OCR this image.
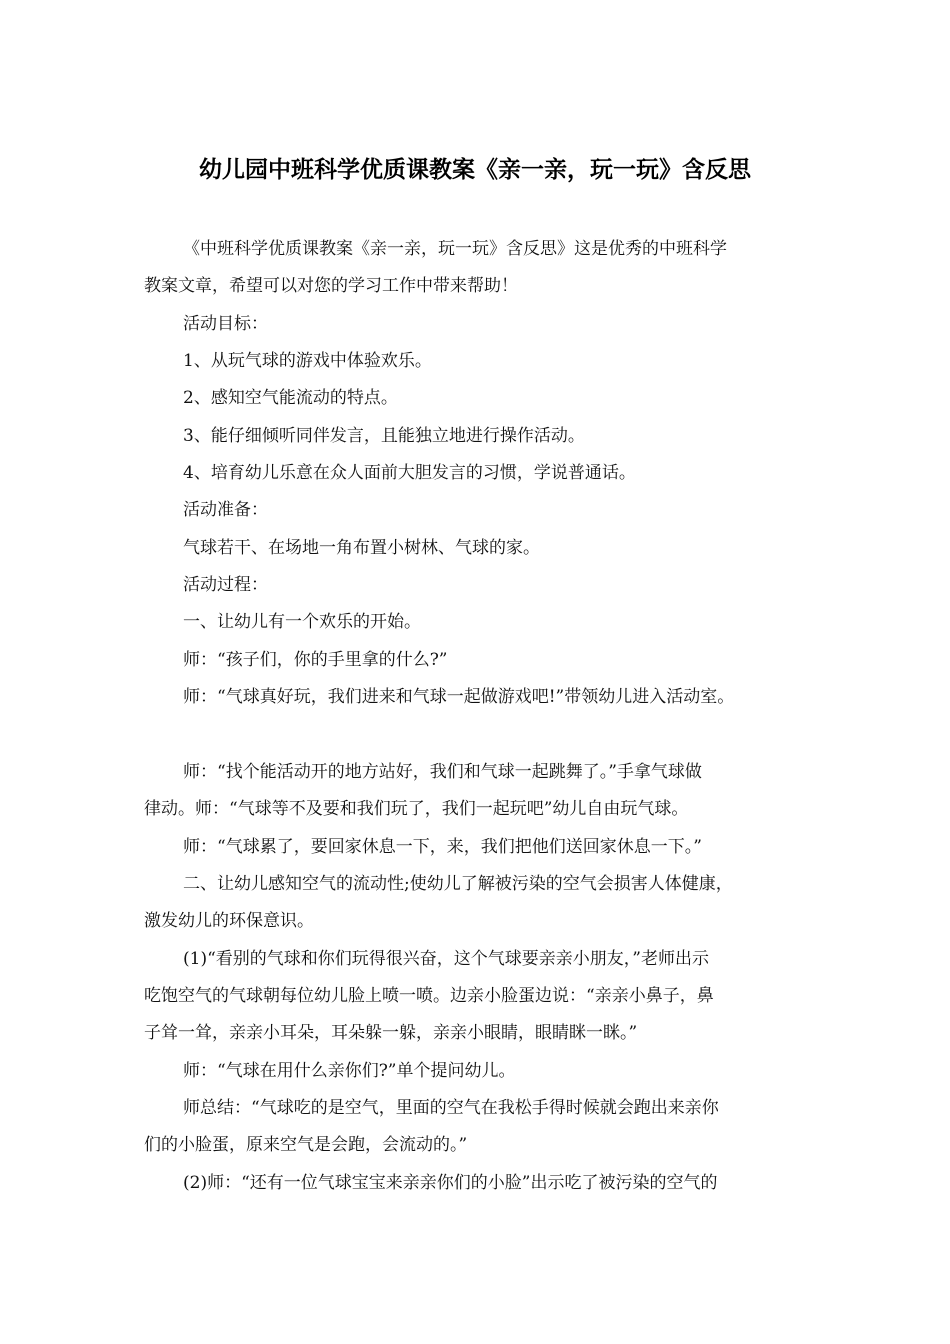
幼儿园中班科学优质课教案《亲一亲，玩一玩》含反思
《中班科学优质课教案《亲一亲，玩一玩》含反思》这是优秀的中班科学
教案文章，希望可以对您的学习工作中带来帮助！
活动目标：
1、从玩气球的游戏中体验欢乐。
2、感知空气能流动的特点。
3、能仔细倾听同伴发言，且能独立地进行操作活动。
4、培育幼儿乐意在众人面前大胆发言的习惯，学说普通话。
活动准备：
气球若干、在场地一角布置小树林、气球的家。
活动过程：
一、让幼儿有一个欢乐的开始。
师：“孩子们，你的手里拿的什么?”
师：“气球真好玩，我们进来和气球一起做游戏吧!”带领幼儿进入活动室。
师：“找个能活动开的地方站好，我们和气球一起跳舞了。”手拿气球做
律动。师：“气球等不及要和我们玩了，我们一起玩吧”幼儿自由玩气球。
师：“气球累了，要回家休息一下，来，我们把他们送回家休息一下。”
二、让幼儿感知空气的流动性;使幼儿了解被污染的空气会损害人体健康，
激发幼儿的环保意识。
(1)“看别的气球和你们玩得很兴奋，这个气球要亲亲小朋友，”老师出示
吃饱空气的气球朝每位幼儿脸上喷一喷。边亲小脸蛋边说：“亲亲小鼻子，鼻
子耸一耸，亲亲小耳朵，耳朵躲一躲，亲亲小眼睛，眼睛眯一眯。”
师：“气球在用什么亲你们?”单个提问幼儿。
师总结：“气球吃的是空气，里面的空气在我松手得时候就会跑出来亲你
们的小脸蛋，原来空气是会跑，会流动的。”
(2)师：“还有一位气球宝宝来亲亲你们的小脸”出示吃了被污染的空气的
